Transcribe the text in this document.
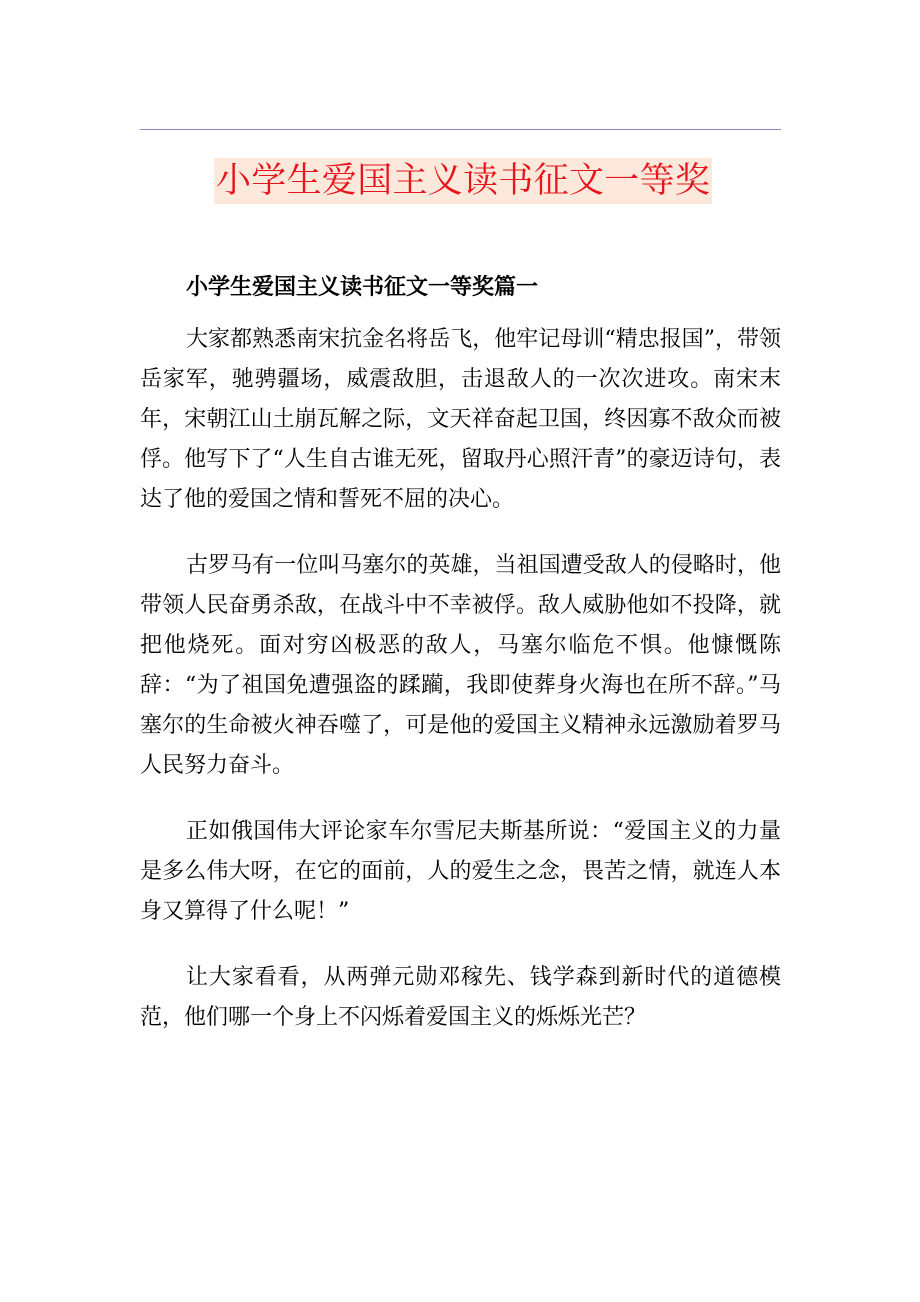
小学生爱国主义读书征文一等奖
小学生爱国主义读书征文一等奖篇一

大家都熟悉南宋抗金名将岳飞，他牢记母训“精忠报国”，带领岳家军，驰骋疆场，威震敌胆，击退敌人的一次次进攻。南宋末年，宋朝江山土崩瓦解之际，文天祥奋起卫国，终因寡不敌众而被俘。他写下了“人生自古谁无死，留取丹心照汗青”的豪迈诗句，表达了他的爱国之情和誓死不屈的决心。

古罗马有一位叫马塞尔的英雄，当祖国遭受敌人的侵略时，他带领人民奋勇杀敌，在战斗中不幸被俘。敌人威胁他如不投降，就把他烧死。面对穷凶极恶的敌人，马塞尔临危不惧。他慷慨陈辞：“为了祖国免遭强盗的蹂躏，我即使葬身火海也在所不辞。”马塞尔的生命被火神吞噬了，可是他的爱国主义精神永远激励着罗马人民努力奋斗。

正如俄国伟大评论家车尔雪尼夫斯基所说：“爱国主义的力量是多么伟大呀，在它的面前，人的爱生之念，畏苦之情，就连人本身又算得了什么呢！”

让大家看看，从两弹元勋邓稼先、钱学森到新时代的道德模范，他们哪一个身上不闪烁着爱国主义的烁烁光芒？
